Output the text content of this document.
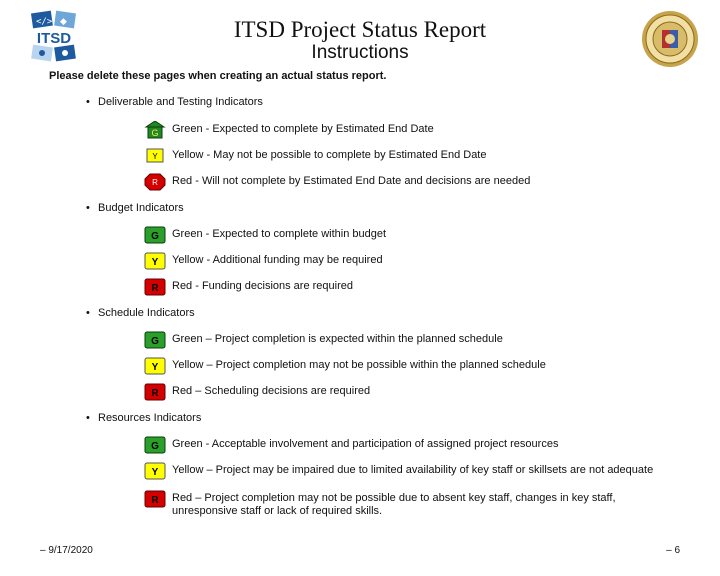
</> ◆
ITSD	ITSD Project Status Report
Instructions
Please delete these pages when creating an actual status report.
• Deliverable and Testing Indicators
G Green - Expected to complete by Estimated End Date
Y Yellow - May not be possible to complete by Estimated End Date
R Red - Will not complete by Estimated End Date and decisions are needed
• Budget Indicators
G Green - Expected to complete within budget
Y Yellow - Additional funding may be required
R Red - Funding decisions are required
• Schedule Indicators
G Green – Project completion is expected within the planned schedule
Y Yellow – Project completion may not be possible within the planned schedule
R Red – Scheduling decisions are required
• Resources Indicators
G Green - Acceptable involvement and participation of assigned project resources
Y Yellow – Project may be impaired due to limited availability of key staff or skillsets are not adequate
R Red – Project completion may not be possible due to absent key staff, changes in key staff, unresponsive staff or lack of required skills.
– 9/17/2020	– 6
